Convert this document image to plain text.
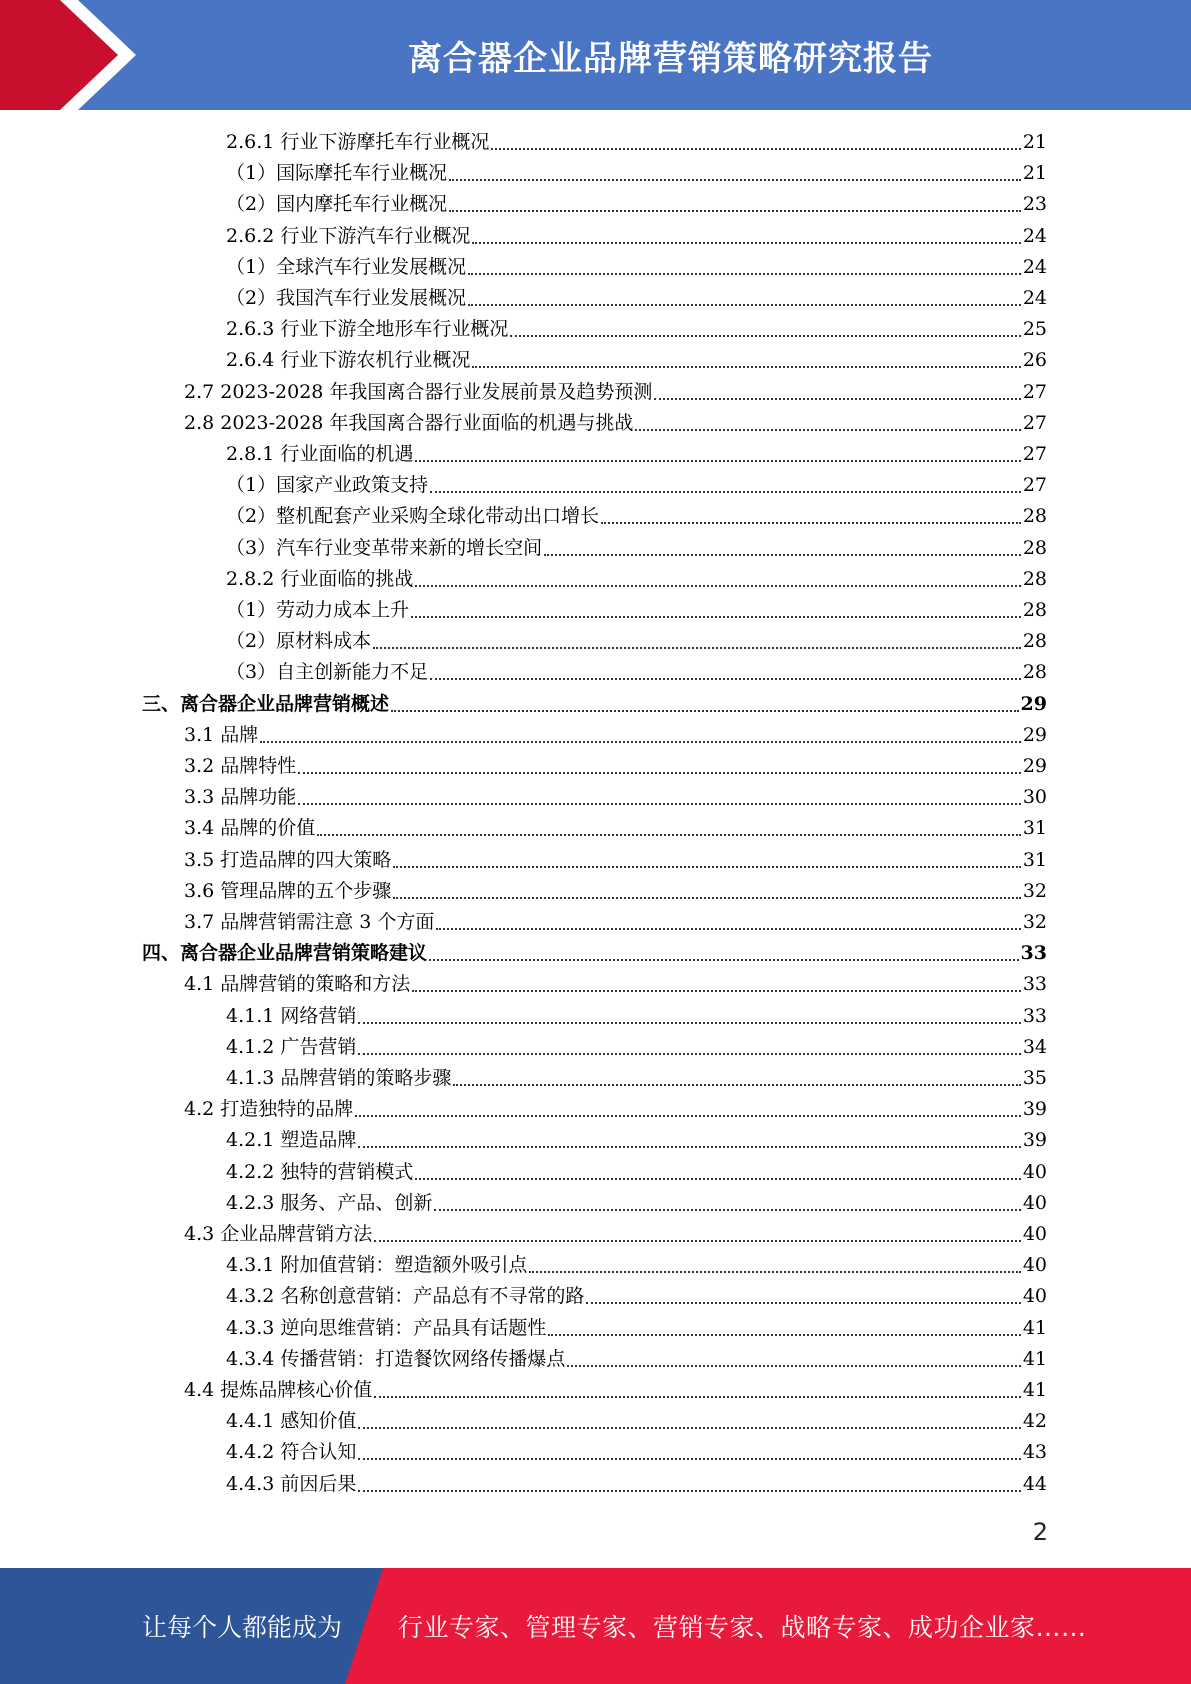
离合器企业品牌营销策略研究报告
2.6.1 行业下游摩托车行业概况	21
（1）国际摩托车行业概况	21
（2）国内摩托车行业概况	23
2.6.2 行业下游汽车行业概况	24
（1）全球汽车行业发展概况	24
（2）我国汽车行业发展概况	24
2.6.3 行业下游全地形车行业概况	25
2.6.4 行业下游农机行业概况	26
2.7 2023-2028 年我国离合器行业发展前景及趋势预测	27
2.8 2023-2028 年我国离合器行业面临的机遇与挑战	27
2.8.1 行业面临的机遇	27
（1）国家产业政策支持	27
（2）整机配套产业采购全球化带动出口增长	28
（3）汽车行业变革带来新的增长空间	28
2.8.2 行业面临的挑战	28
（1）劳动力成本上升	28
（2）原材料成本	28
（3）自主创新能力不足	28
三、离合器企业品牌营销概述	29
3.1 品牌	29
3.2 品牌特性	29
3.3 品牌功能	30
3.4 品牌的价值	31
3.5 打造品牌的四大策略	31
3.6 管理品牌的五个步骤	32
3.7 品牌营销需注意 3 个方面	32
四、离合器企业品牌营销策略建议	33
4.1 品牌营销的策略和方法	33
4.1.1 网络营销	33
4.1.2 广告营销	34
4.1.3 品牌营销的策略步骤	35
4.2 打造独特的品牌	39
4.2.1 塑造品牌	39
4.2.2 独特的营销模式	40
4.2.3 服务、产品、创新	40
4.3 企业品牌营销方法	40
4.3.1 附加值营销：塑造额外吸引点	40
4.3.2 名称创意营销：产品总有不寻常的路	40
4.3.3 逆向思维营销：产品具有话题性	41
4.3.4 传播营销：打造餐饮网络传播爆点	41
4.4 提炼品牌核心价值	41
4.4.1 感知价值	42
4.4.2 符合认知	43
4.4.3 前因后果	44
2
让每个人都能成为 行业专家、管理专家、营销专家、战略专家、成功企业家……
